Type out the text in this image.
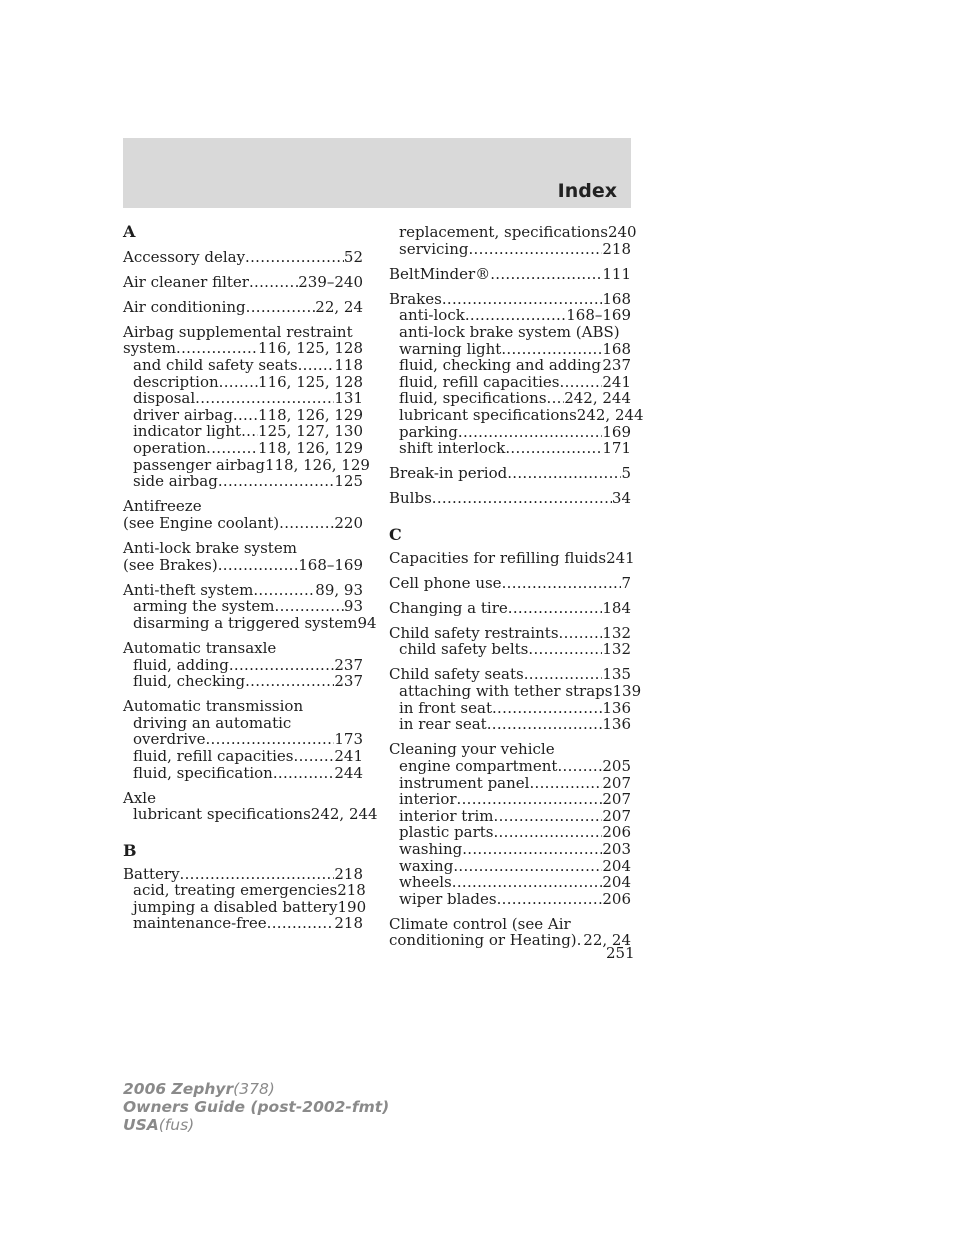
Index
A
Accessory delay .....	52
Air cleaner filter .....	239–240
Air conditioning .....	22, 24
Airbag supplemental restraint
system .....	116, 125, 128
and child safety seats ..... 118
description .....	116, 125, 128
disposal .....	131
driver airbag ..... 118, 126, 129
indicator light ..... 125, 127, 130
operation .....	118, 126, 129
passenger airbag 118, 126, 129
side airbag .....	125
Antifreeze
(see Engine coolant) .....	220
Anti-lock brake system
(see Brakes) .....	168–169
Anti-theft system .....	89, 93
arming the system .....	93
disarming a triggered system 94
Automatic transaxle
fluid, adding .....	237
fluid, checking .....	237
Automatic transmission
driving an automatic
overdrive .....	173
fluid, refill capacities .....	241
fluid, specification .....	244
Axle
lubricant specifications 242, 244
B
Battery .....	218
acid, treating emergencies 218
jumping a disabled battery 190
maintenance-free .....	218
replacement, specifications 240
servicing .....	218
BeltMinder® .....	111
Brakes .....	168
anti-lock .....	168–169
anti-lock brake system (ABS)
warning light .....	168
fluid, checking and adding ..... 237
fluid, refill capacities .....	241
fluid, specifications ..... 242, 244
lubricant specifications 242, 244
parking .....	169
shift interlock .....	171
Break-in period .....	5
Bulbs .....	34
C
Capacities for refilling fluids 241
Cell phone use .....	7
Changing a tire .....	184
Child safety restraints .....	132
child safety belts .....	132
Child safety seats .....	135
attaching with tether straps 139
in front seat .....	136
in rear seat .....	136
Cleaning your vehicle
engine compartment .....	205
instrument panel .....	207
interior .....	207
interior trim .....	207
plastic parts .....	206
washing .....	203
waxing .....	204
wheels .....	204
wiper blades .....	206
Climate control (see Air
conditioning or Heating) ..... 22, 24
251
2006 Zephyr(378)
Owners Guide (post-2002-fmt)
USA(fus)
